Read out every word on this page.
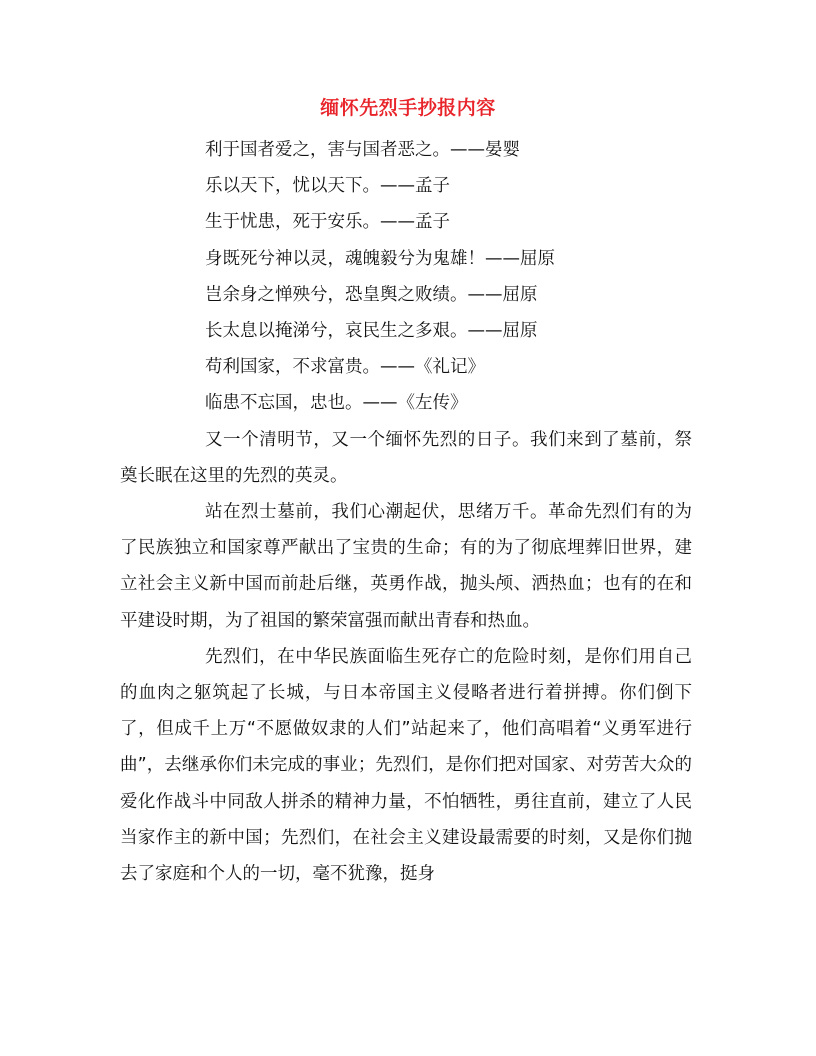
缅怀先烈手抄报内容

利于国者爱之，害与国者恶之。——晏婴

乐以天下，忧以天下。——孟子

生于忧患，死于安乐。——孟子

身既死兮神以灵，魂魄毅兮为鬼雄！——屈原

岂余身之惮殃兮，恐皇舆之败绩。——屈原

长太息以掩涕兮，哀民生之多艰。——屈原

苟利国家，不求富贵。——《礼记》

临患不忘国，忠也。——《左传》

又一个清明节，又一个缅怀先烈的日子。我们来到了墓前，祭奠长眠在这里的先烈的英灵。

站在烈士墓前，我们心潮起伏，思绪万千。革命先烈们有的为了民族独立和国家尊严献出了宝贵的生命；有的为了彻底埋葬旧世界，建立社会主义新中国而前赴后继，英勇作战，抛头颅、洒热血；也有的在和平建设时期，为了祖国的繁荣富强而献出青春和热血。

先烈们，在中华民族面临生死存亡的危险时刻，是你们用自己的血肉之躯筑起了长城，与日本帝国主义侵略者进行着拼搏。你们倒下了，但成千上万“不愿做奴隶的人们”站起来了，他们高唱着“义勇军进行曲”，去继承你们未完成的事业；先烈们，是你们把对国家、对劳苦大众的爱化作战斗中同敌人拼杀的精神力量，不怕牺牲，勇往直前，建立了人民当家作主的新中国；先烈们，在社会主义建设最需要的时刻，又是你们抛去了家庭和个人的一切，毫不犹豫，挺身
